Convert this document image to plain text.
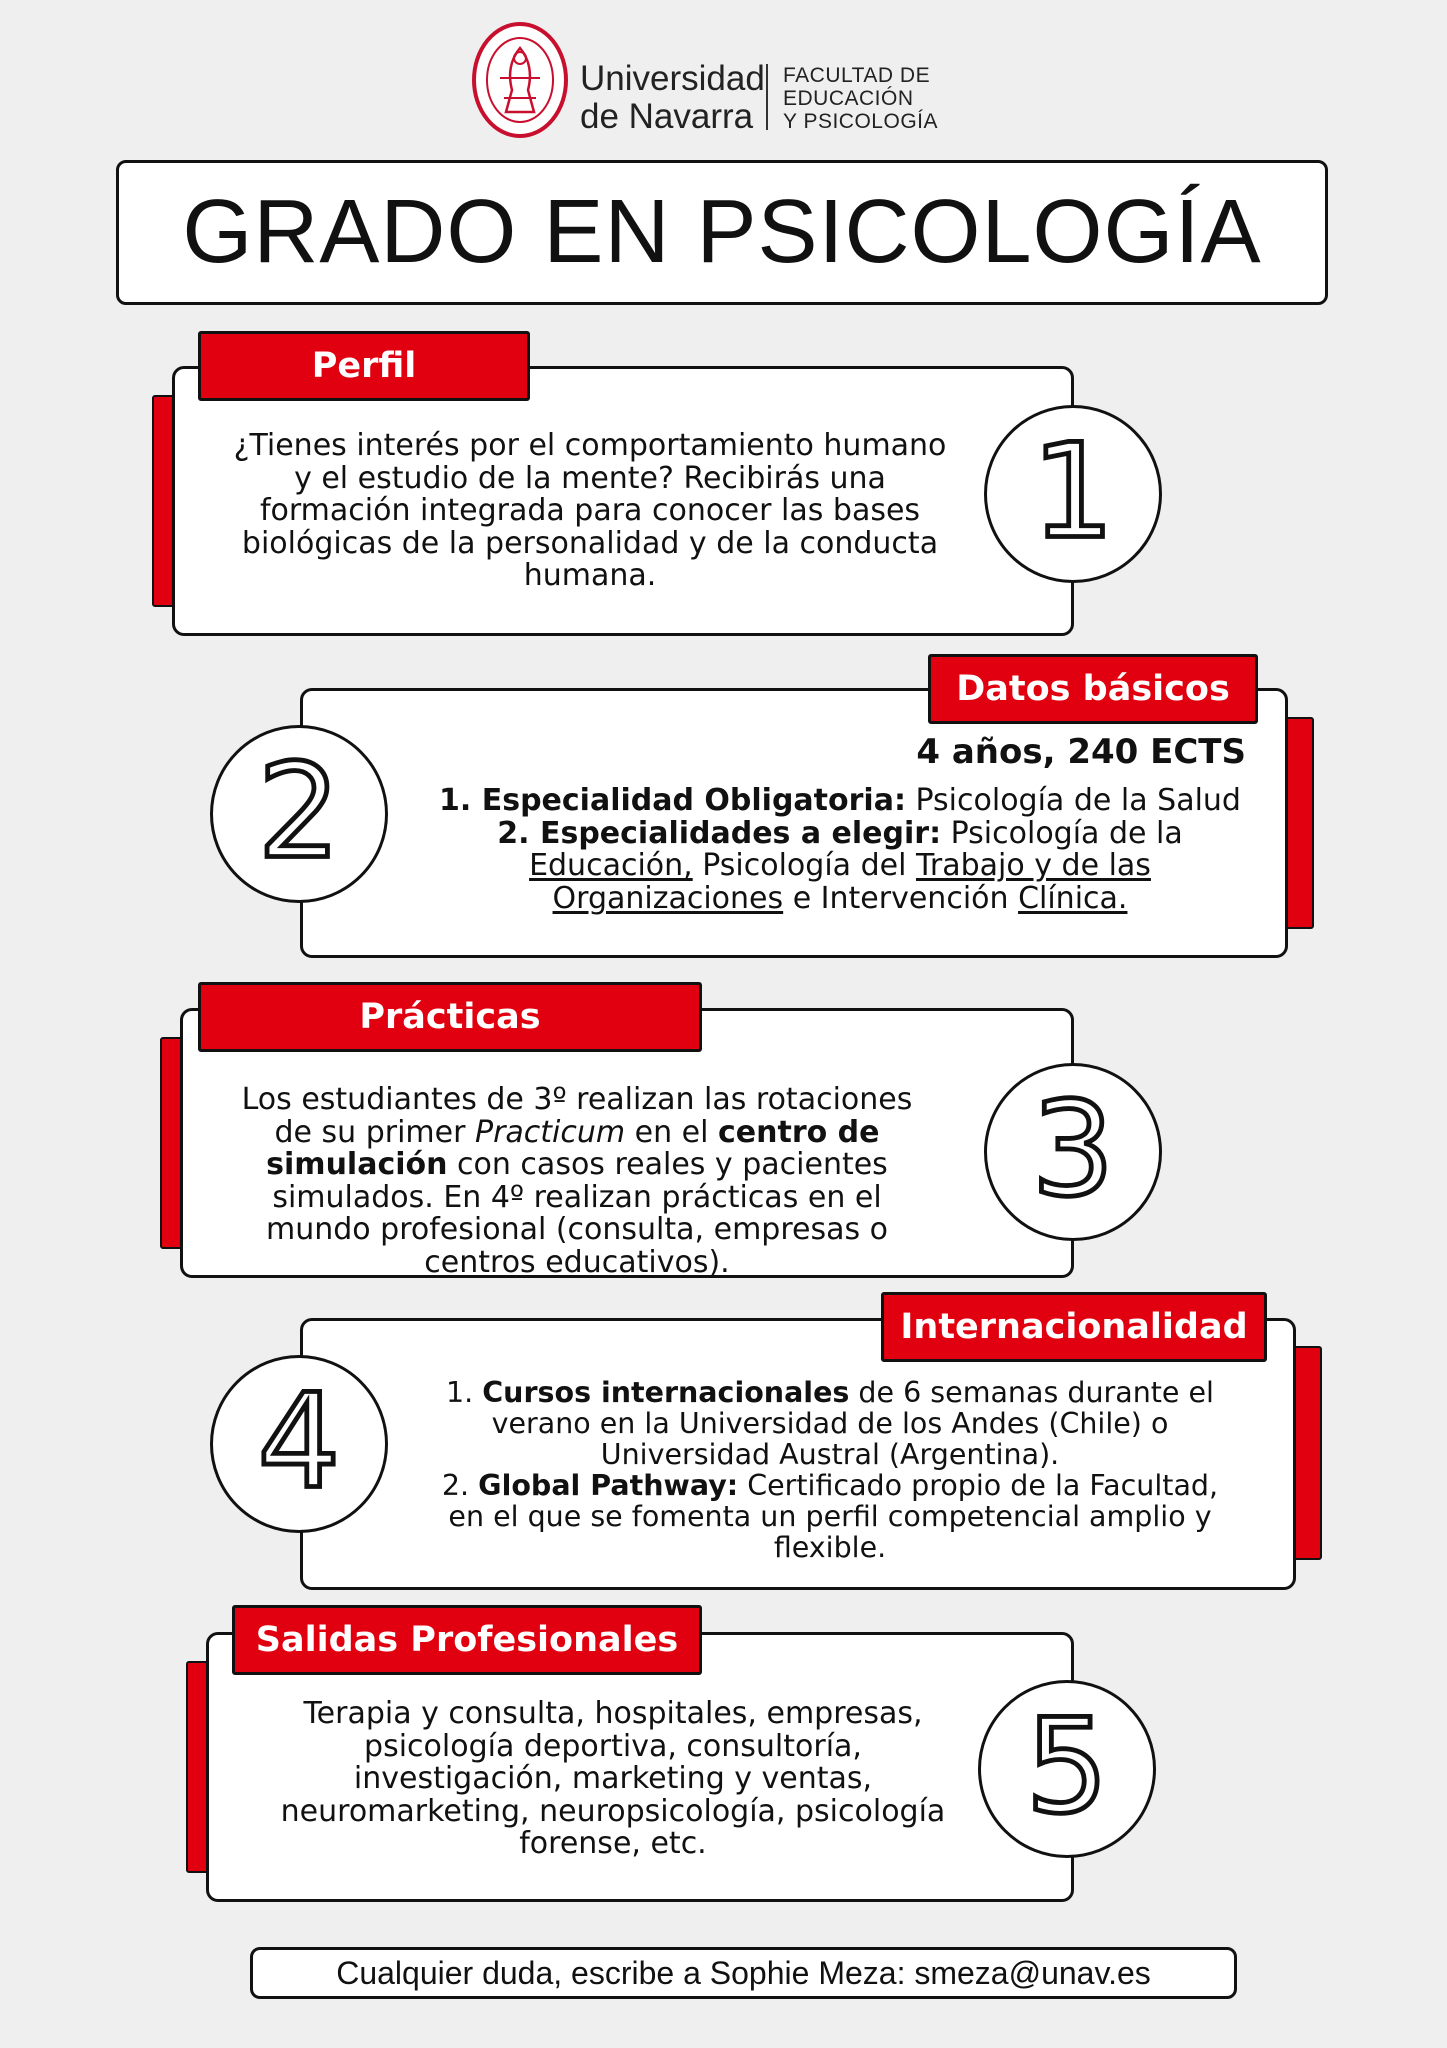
Universidad
de Navarra
FACULTAD DE
EDUCACIÓN
Y PSICOLOGÍA
GRADO EN PSICOLOGÍA
Perfil
¿Tienes interés por el comportamiento humano y el estudio de la mente? Recibirás una formación integrada para conocer las bases biológicas de la personalidad y de la conducta humana.
1
Datos básicos
2	4 años, 240 ECTS
1. Especialidad Obligatoria: Psicología de la Salud
2. Especialidades a elegir: Psicología de la Educación, Psicología del Trabajo y de las
Organizaciones e Intervención Clínica.
Prácticas
Los estudiantes de 3º realizan las rotaciones de su primer Practicum en el centro de simulación con casos reales y pacientes simulados. En 4º realizan prácticas en el mundo profesional (consulta, empresas o centros educativos).
3
Internacionalidad
4	1. Cursos internacionales de 6 semanas durante el verano en la Universidad de los Andes (Chile) o Universidad Austral (Argentina).
2. Global Pathway: Certificado propio de la Facultad, en el que se fomenta un perfil competencial amplio y flexible.
Salidas Profesionales
Terapia y consulta, hospitales, empresas, psicología deportiva, consultoría, investigación, marketing y ventas, neuromarketing, neuropsicología, psicología forense, etc.
5
Cualquier duda, escribe a Sophie Meza: smeza@unav.es
